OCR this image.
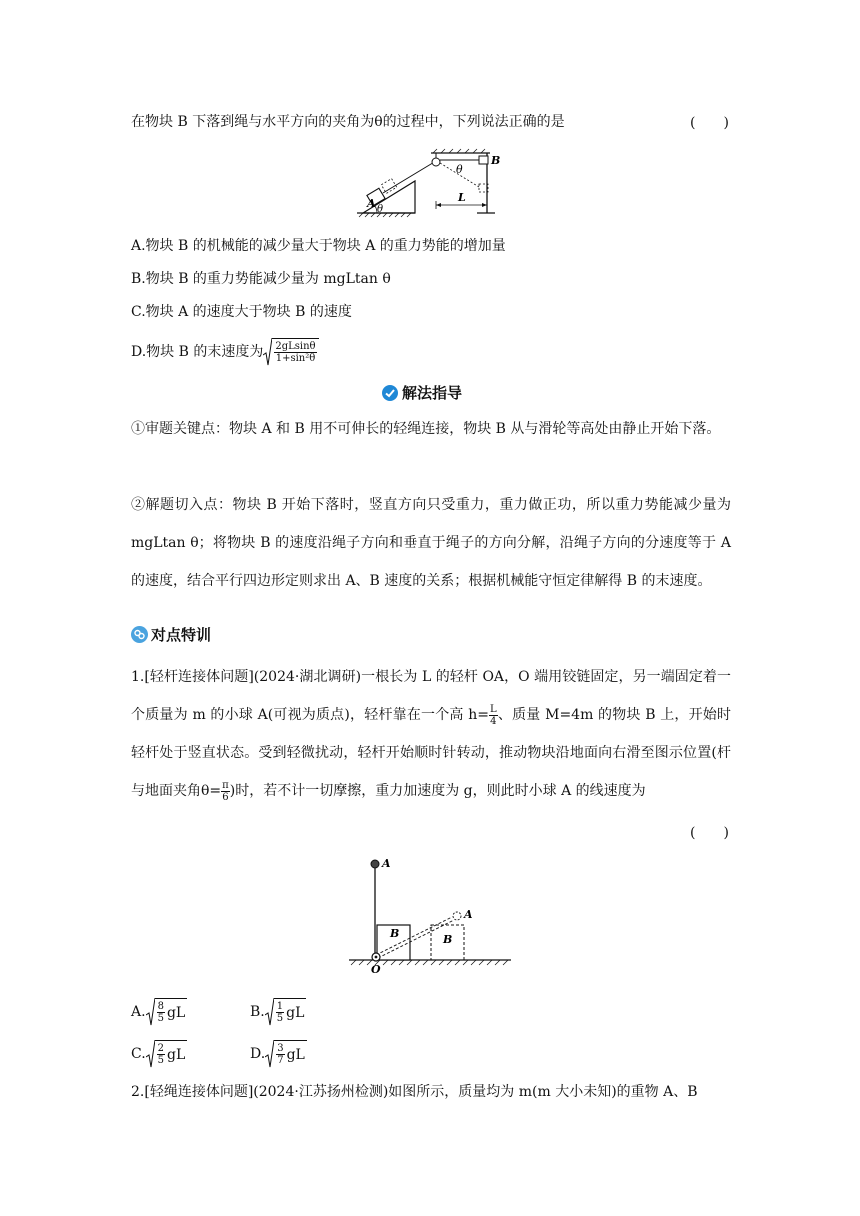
在物块 B 下落到绳与水平方向的夹角为θ的过程中，下列说法正确的是	(　　)
A θ
θ
B
L
A.物块 B 的机械能的减少量大于物块 A 的重力势能的增加量
B.物块 B 的重力势能减少量为 mgLtan θ
C.物块 A 的速度大于物块 B 的速度
D.物块 B 的末速度为 $\frac{2gLsin\theta}{\text{1+sin²θ}}$
解法指导
①审题关键点：物块 A 和 B 用不可伸长的轻绳连接，物块 B 从与滑轮等高处由静止开始下落。
②解题切入点：物块 B 开始下落时，竖直方向只受重力，重力做正功，所以重力势能减少量为 mgLtan θ；将物块 B 的速度沿绳子方向和垂直于绳子的方向分解，沿绳子方向的分速度等于 A 的速度，结合平行四边形定则求出 A、B 速度的关系；根据机械能守恒定律解得 B 的末速度。
对点特训
1.[轻杆连接体问题](2024·湖北调研)一根长为 L 的轻杆 OA，O 端用铰链固定，另一端固定着一个质量为 m 的小球 A(可视为质点)，轻杆靠在一个高 $h= \frac{L}{4}$ 、质量 M=4m 的物块 B 上，开始时轻杆处于竖直状态。受到轻微扰动，轻杆开始顺时针转动，推动物块沿地面向右滑至图示位置(杆与地面夹角$\theta= \frac{\pi}{6}$ )时，若不计一切摩擦，重力加速度为 g，则此时小球 A 的线速度为
(　　)
A
A
B	B
O
A. $\frac{8}{5}$ gL	B. $\frac{1}{5}$ gL
C. $\frac{2}{5}$ gL	D. $\frac{3}{7}$ gL
2.[轻绳连接体问题](2024·江苏扬州检测)如图所示，质量均为 m(m 大小未知)的重物 A、B
